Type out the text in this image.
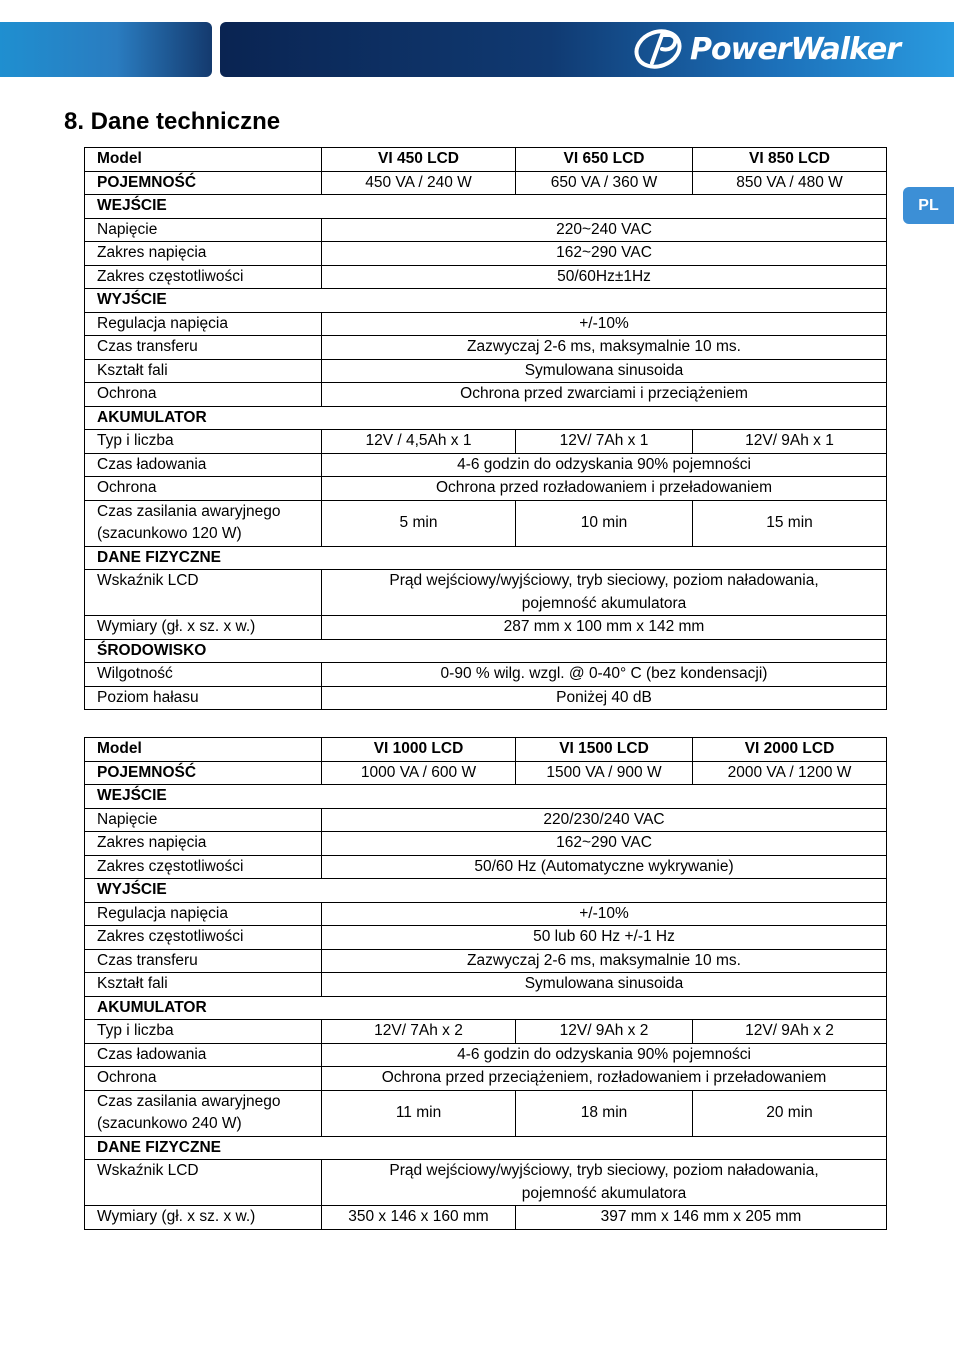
PowerWalker
PL
8. Dane techniczne
Model	VI 450 LCD	VI 650 LCD	VI 850 LCD
POJEMNOŚĆ	450 VA / 240 W	650 VA / 360 W	850 VA / 480 W
WEJŚCIE			
Napięcie	220~240 VAC		
Zakres napięcia	162~290 VAC		
Zakres częstotliwości	50/60Hz±1Hz		
WYJŚCIE			
Regulacja napięcia	+/-10%		
Czas transferu	Zazwyczaj 2-6 ms, maksymalnie 10 ms.		
Kształt fali	Symulowana sinusoida		
Ochrona	Ochrona przed zwarciami i przeciążeniem		
AKUMULATOR			
Typ i liczba	12V / 4,5Ah x 1	12V/ 7Ah x 1	12V/ 9Ah x 1
Czas ładowania	4-6 godzin do odzyskania 90% pojemności		
Ochrona	Ochrona przed rozładowaniem i przeładowaniem		

Czas zasilania awaryjnego
(szacunkowo 120 W)	5 min	10 min	15 min
DANE FIZYCZNE			
Wskaźnik LCD	Prąd wejściowy/wyjściowy, tryb sieciowy, poziom naładowania,
pojemność akumulatora		

Wymiary (gł. x sz. x w.)	287 mm x 100 mm x 142 mm		
ŚRODOWISKO			
Wilgotność	0-90 % wilg. wzgl. @ 0-40° C (bez kondensacji)		
Poziom hałasu	Poniżej 40 dB		
Model	VI 1000 LCD	VI 1500 LCD	VI 2000 LCD
POJEMNOŚĆ	1000 VA / 600 W	1500 VA / 900 W	2000 VA / 1200 W
WEJŚCIE			
Napięcie	220/230/240 VAC		
Zakres napięcia	162~290 VAC		
Zakres częstotliwości	50/60 Hz (Automatyczne wykrywanie)		
WYJŚCIE			
Regulacja napięcia	+/-10%		
Zakres częstotliwości	50 lub 60 Hz +/-1 Hz		
Czas transferu	Zazwyczaj 2-6 ms, maksymalnie 10 ms.		
Kształt fali	Symulowana sinusoida		
AKUMULATOR			
Typ i liczba	12V/ 7Ah x 2	12V/ 9Ah x 2	12V/ 9Ah x 2
Czas ładowania	4-6 godzin do odzyskania 90% pojemności		
Ochrona	Ochrona przed przeciążeniem, rozładowaniem i przeładowaniem		

Czas zasilania awaryjnego
(szacunkowo 240 W)	11 min	18 min	20 min
DANE FIZYCZNE			
Wskaźnik LCD	Prąd wejściowy/wyjściowy, tryb sieciowy, poziom naładowania,
pojemność akumulatora		

Wymiary (gł. x sz. x w.)	350 x 146 x 160 mm	397 mm x 146 mm x 205 mm	
